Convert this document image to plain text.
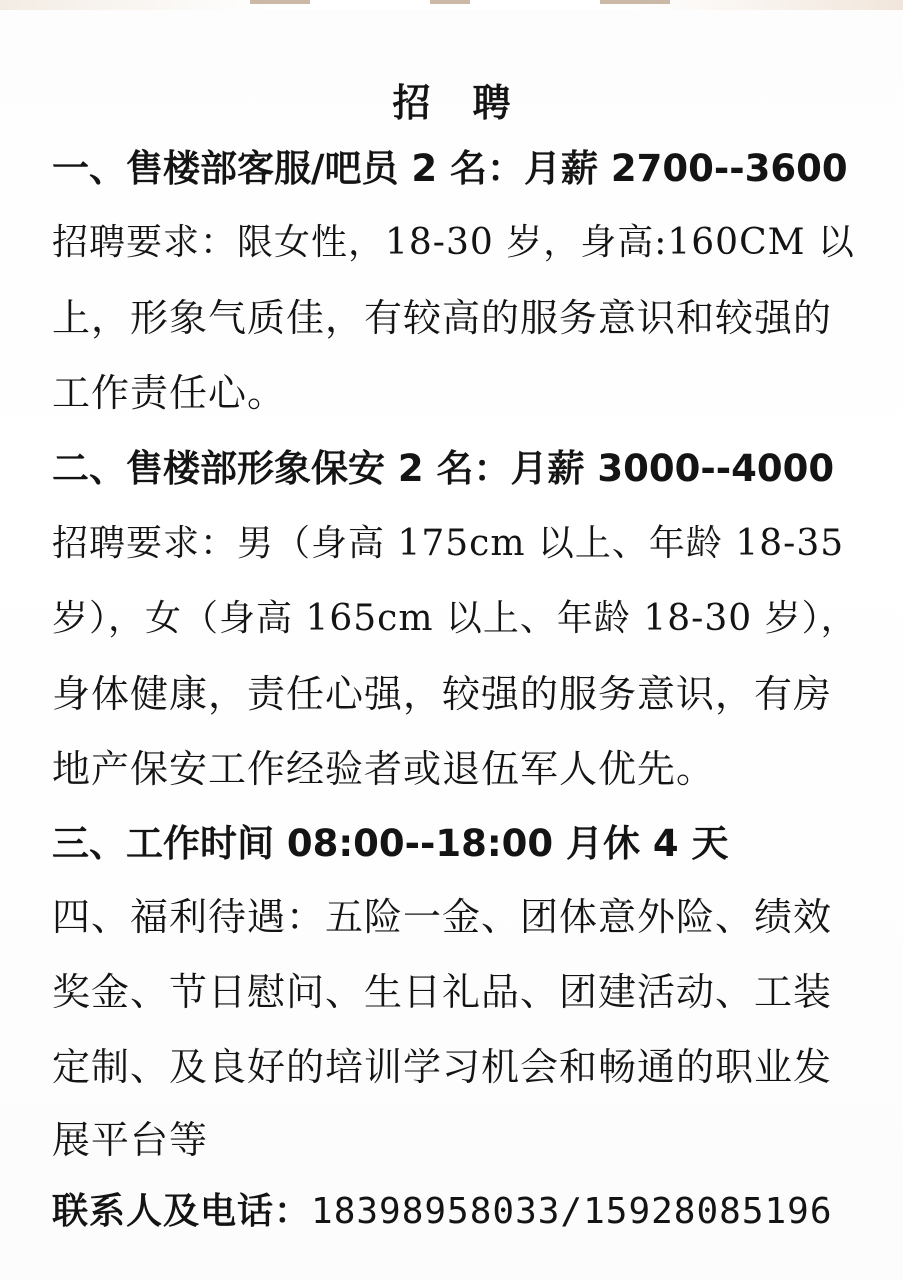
招聘
一、售楼部客服/吧员 2 名：月薪 2700--3600
招聘要求：限女性，18-30 岁，身高:160CM 以
上，形象气质佳，有较高的服务意识和较强的
工作责任心。
二、售楼部形象保安 2 名：月薪 3000--4000
招聘要求：男（身高 175cm 以上、年龄 18-35
岁），女（身高 165cm 以上、年龄 18-30 岁），
身体健康，责任心强，较强的服务意识，有房
地产保安工作经验者或退伍军人优先。
三、工作时间 08:00--18:00 月休 4 天
四、福利待遇：五险一金、团体意外险、绩效
奖金、节日慰问、生日礼品、团建活动、工装
定制、及良好的培训学习机会和畅通的职业发
展平台等
联系人及电话：18398958033/15928085196
